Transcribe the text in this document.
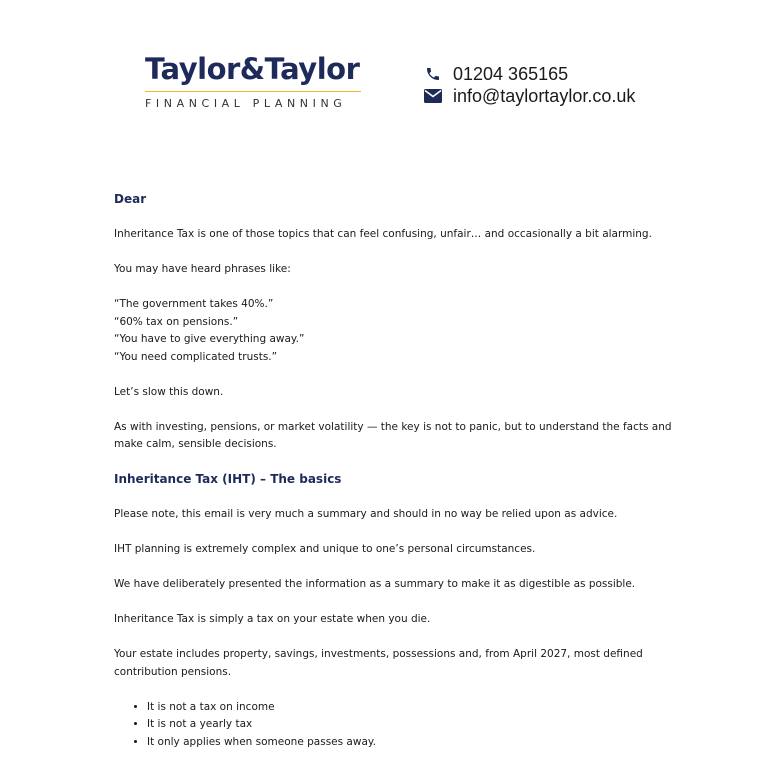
Taylor&Taylor
FINANCIAL PLANNING
01204 365165
info@taylortaylor.co.uk

Dear

Inheritance Tax is one of those topics that can feel confusing, unfair… and occasionally a bit alarming.

You may have heard phrases like:

“The government takes 40%.”

“60% tax on pensions.”

“You have to give everything away.”

“You need complicated trusts.”

Let’s slow this down.

As with investing, pensions, or market volatility — the key is not to panic, but to understand the facts and make calm, sensible decisions.

Inheritance Tax (IHT) – The basics

Please note, this email is very much a summary and should in no way be relied upon as advice.

IHT planning is extremely complex and unique to one’s personal circumstances.

We have deliberately presented the information as a summary to make it as digestible as possible.

Inheritance Tax is simply a tax on your estate when you die.

Your estate includes property, savings, investments, possessions and, from April 2027, most defined contribution pensions.

• It is not a tax on income
• It is not a yearly tax
• It only applies when someone passes away.
